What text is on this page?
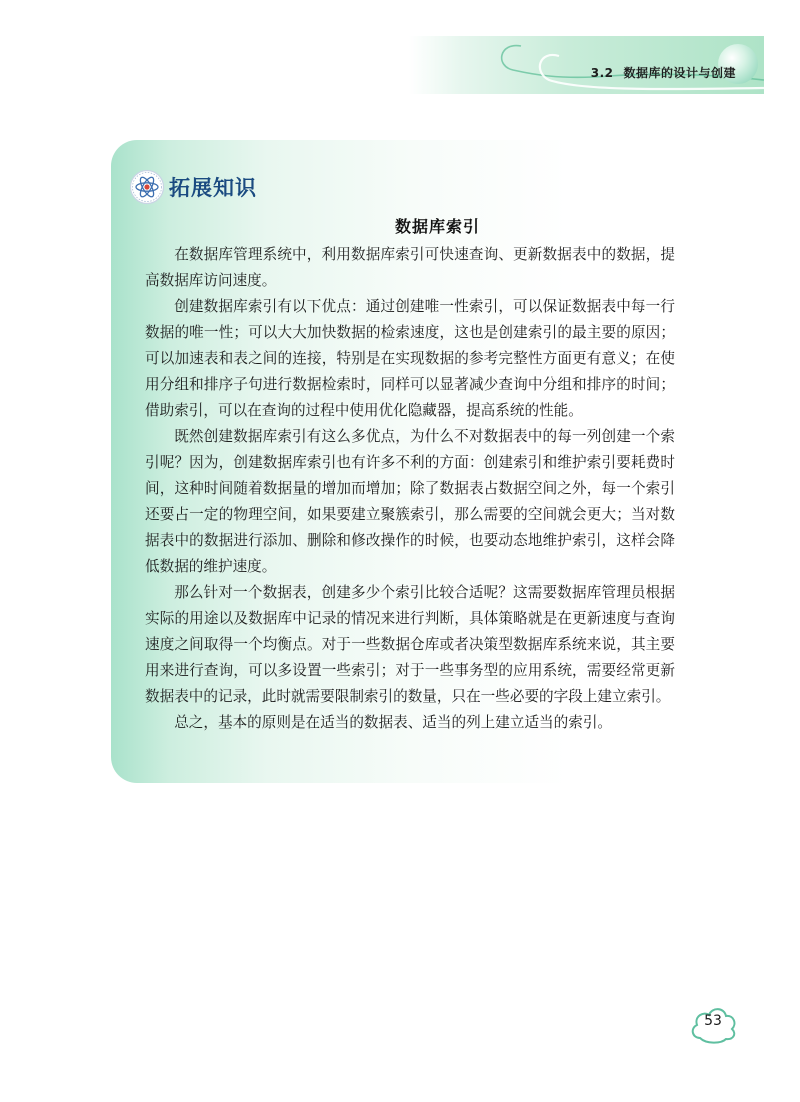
3.2 数据库的设计与创建
拓展知识
数据库索引

在数据库管理系统中，利用数据库索引可快速查询、更新数据表中的数据，提高数据库访问速度。

创建数据库索引有以下优点：通过创建唯一性索引，可以保证数据表中每一行数据的唯一性；可以大大加快数据的检索速度，这也是创建索引的最主要的原因；可以加速表和表之间的连接，特别是在实现数据的参考完整性方面更有意义；在使用分组和排序子句进行数据检索时，同样可以显著减少查询中分组和排序的时间；借助索引，可以在查询的过程中使用优化隐藏器，提高系统的性能。

既然创建数据库索引有这么多优点，为什么不对数据表中的每一列创建一个索引呢？因为，创建数据库索引也有许多不利的方面：创建索引和维护索引要耗费时间，这种时间随着数据量的增加而增加；除了数据表占数据空间之外，每一个索引还要占一定的物理空间，如果要建立聚簇索引，那么需要的空间就会更大；当对数据表中的数据进行添加、删除和修改操作的时候，也要动态地维护索引，这样会降低数据的维护速度。

那么针对一个数据表，创建多少个索引比较合适呢？这需要数据库管理员根据实际的用途以及数据库中记录的情况来进行判断，具体策略就是在更新速度与查询速度之间取得一个均衡点。对于一些数据仓库或者决策型数据库系统来说，其主要用来进行查询，可以多设置一些索引；对于一些事务型的应用系统，需要经常更新数据表中的记录，此时就需要限制索引的数量，只在一些必要的字段上建立索引。

总之，基本的原则是在适当的数据表、适当的列上建立适当的索引。

53
